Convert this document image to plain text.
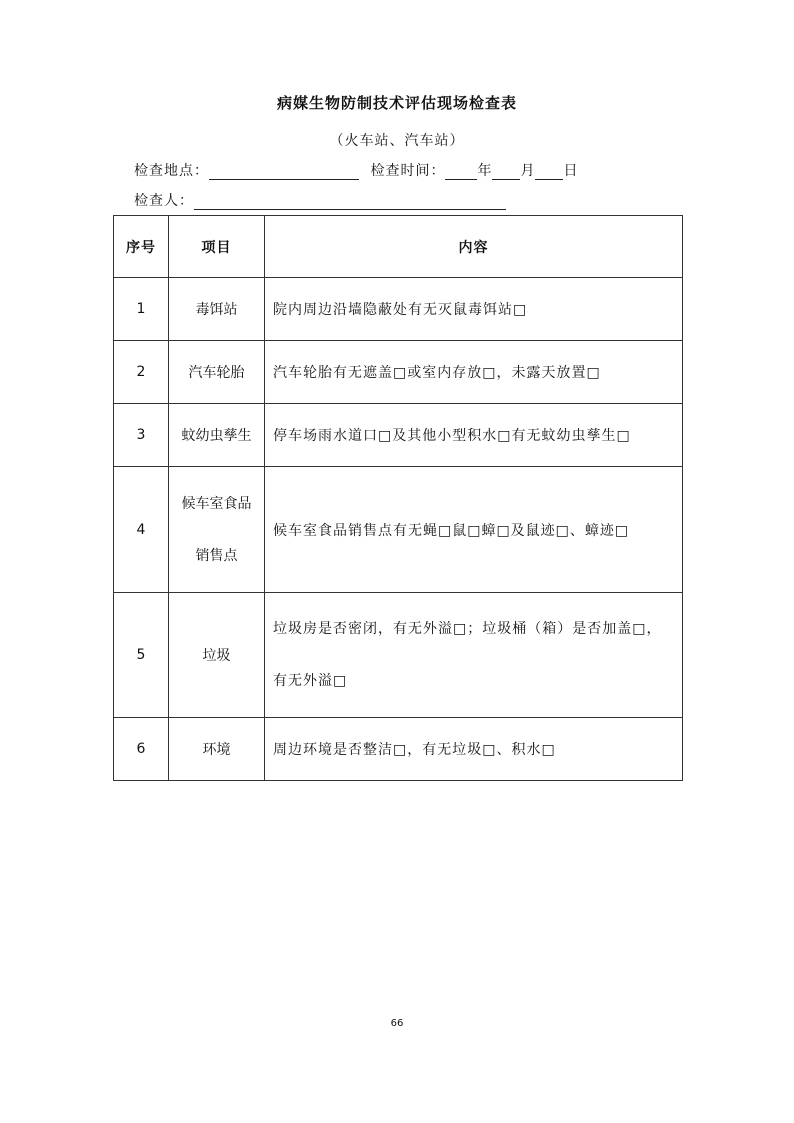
病媒生物防制技术评估现场检查表
（火车站、汽车站）
检查地点：	检查时间： 年 月 日
检查人：
序号	项目	内容
1	毒饵站	院内周边沿墙隐蔽处有无灭鼠毒饵站□
2	汽车轮胎	汽车轮胎有无遮盖□或室内存放□，未露天放置□
3	蚊幼虫孳生	停车场雨水道口□及其他小型积水□有无蚊幼虫孳生□
4	候车室食品
销售点	候车室食品销售点有无蝇□鼠□蟑□及鼠迹□、蟑迹□
5	垃圾	垃圾房是否密闭，有无外溢□；垃圾桶（箱）是否加盖□，
有无外溢□

6	环境	周边环境是否整洁□，有无垃圾□、积水□
66
